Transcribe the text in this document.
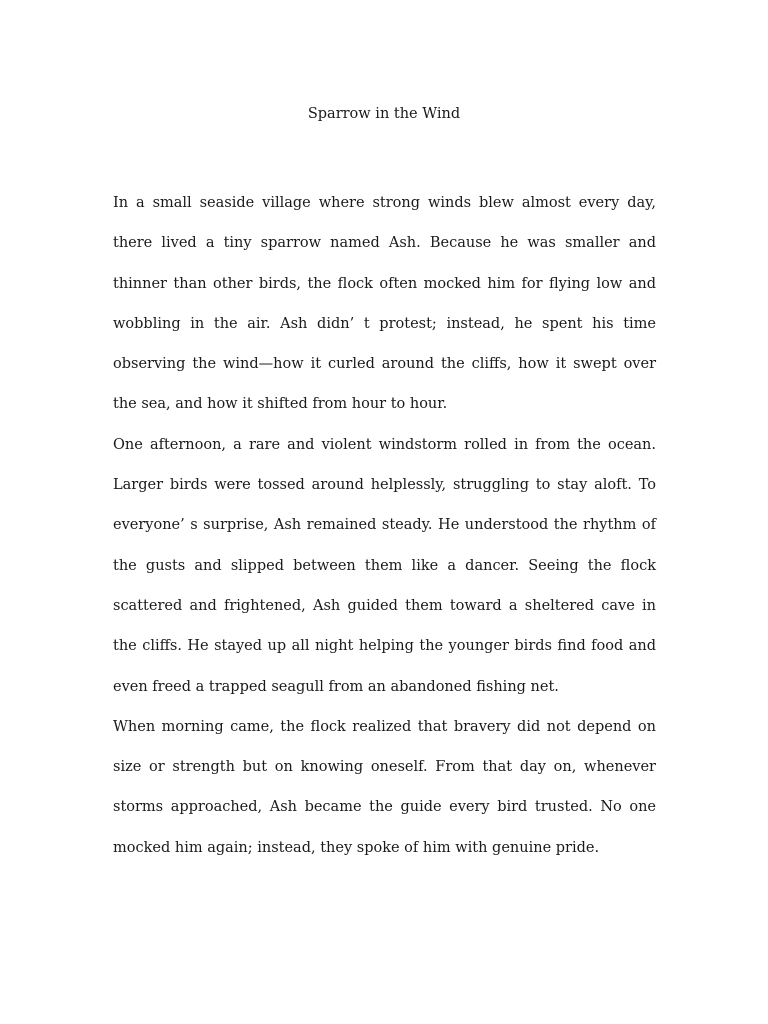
Sparrow in the Wind

In a small seaside village where strong winds blew almost every day, there lived a tiny sparrow named Ash. Because he was smaller and thinner than other birds, the flock often mocked him for flying low and wobbling in the air. Ash didn’ t protest; instead, he spent his time observing the wind—how it curled around the cliffs, how it swept over the sea, and how it shifted from hour to hour.

One afternoon, a rare and violent windstorm rolled in from the ocean. Larger birds were tossed around helplessly, struggling to stay aloft. To everyone’ s surprise, Ash remained steady. He understood the rhythm of the gusts and slipped between them like a dancer. Seeing the flock scattered and frightened, Ash guided them toward a sheltered cave in the cliffs. He stayed up all night helping the younger birds find food and even freed a trapped seagull from an abandoned fishing net.

When morning came, the flock realized that bravery did not depend on size or strength but on knowing oneself. From that day on, whenever storms approached, Ash became the guide every bird trusted. No one mocked him again; instead, they spoke of him with genuine pride.
